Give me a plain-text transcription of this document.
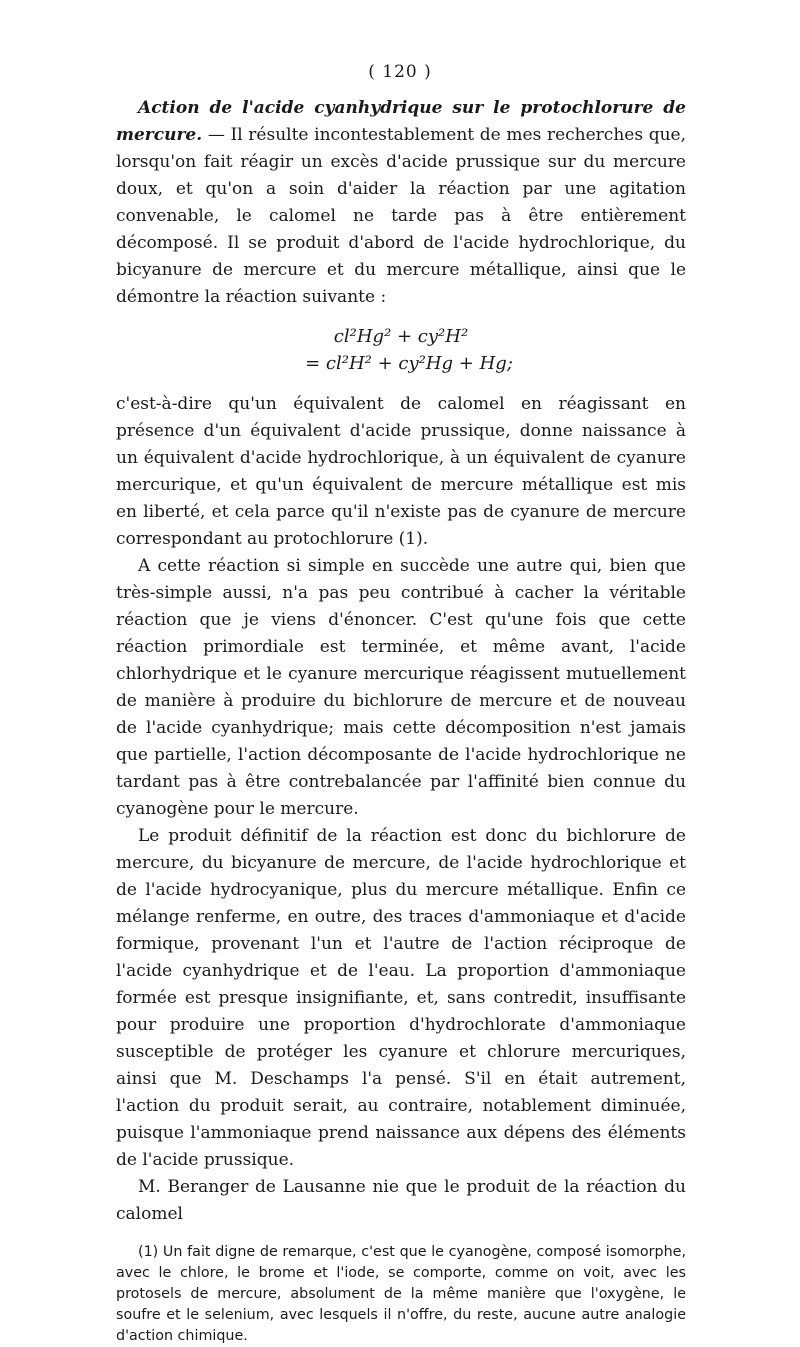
( 120 )

Action de l'acide cyanhydrique sur le protochlorure de mercure. — Il résulte incontestablement de mes recherches que, lorsqu'on fait réagir un excès d'acide prussique sur du mercure doux, et qu'on a soin d'aider la réaction par une agitation convenable, le calomel ne tarde pas à être entièrement décomposé. Il se produit d'abord de l'acide hydrochlorique, du bicyanure de mercure et du mercure métallique, ainsi que le démontre la réaction suivante :

cl²Hg² + cy²H²
= cl²H² + cy²Hg + Hg;

c'est-à-dire qu'un équivalent de calomel en réagissant en présence d'un équivalent d'acide prussique, donne naissance à un équivalent d'acide hydrochlorique, à un équivalent de cyanure mercurique, et qu'un équivalent de mercure métallique est mis en liberté, et cela parce qu'il n'existe pas de cyanure de mercure correspondant au protochlorure (1).

A cette réaction si simple en succède une autre qui, bien que très-simple aussi, n'a pas peu contribué à cacher la véritable réaction que je viens d'énoncer. C'est qu'une fois que cette réaction primordiale est terminée, et même avant, l'acide chlorhydrique et le cyanure mercurique réagissent mutuellement de manière à produire du bichlorure de mercure et de nouveau de l'acide cyanhydrique; mais cette décomposition n'est jamais que partielle, l'action décomposante de l'acide hydrochlorique ne tardant pas à être contrebalancée par l'affinité bien connue du cyanogène pour le mercure.

Le produit définitif de la réaction est donc du bichlorure de mercure, du bicyanure de mercure, de l'acide hydrochlorique et de l'acide hydrocyanique, plus du mercure métallique. Enfin ce mélange renferme, en outre, des traces d'ammoniaque et d'acide formique, provenant l'un et l'autre de l'action réciproque de l'acide cyanhydrique et de l'eau. La proportion d'ammoniaque formée est presque insignifiante, et, sans contredit, insuffisante pour produire une proportion d'hydrochlorate d'ammoniaque susceptible de protéger les cyanure et chlorure mercuriques, ainsi que M. Deschamps l'a pensé. S'il en était autrement, l'action du produit serait, au contraire, notablement diminuée, puisque l'ammoniaque prend naissance aux dépens des éléments de l'acide prussique.

M. Beranger de Lausanne nie que le produit de la réaction du calomel

(1) Un fait digne de remarque, c'est que le cyanogène, composé isomorphe, avec le chlore, le brome et l'iode, se comporte, comme on voit, avec les protosels de mercure, absolument de la même manière que l'oxygène, le soufre et le selenium, avec lesquels il n'offre, du reste, aucune autre analogie d'action chimique.
